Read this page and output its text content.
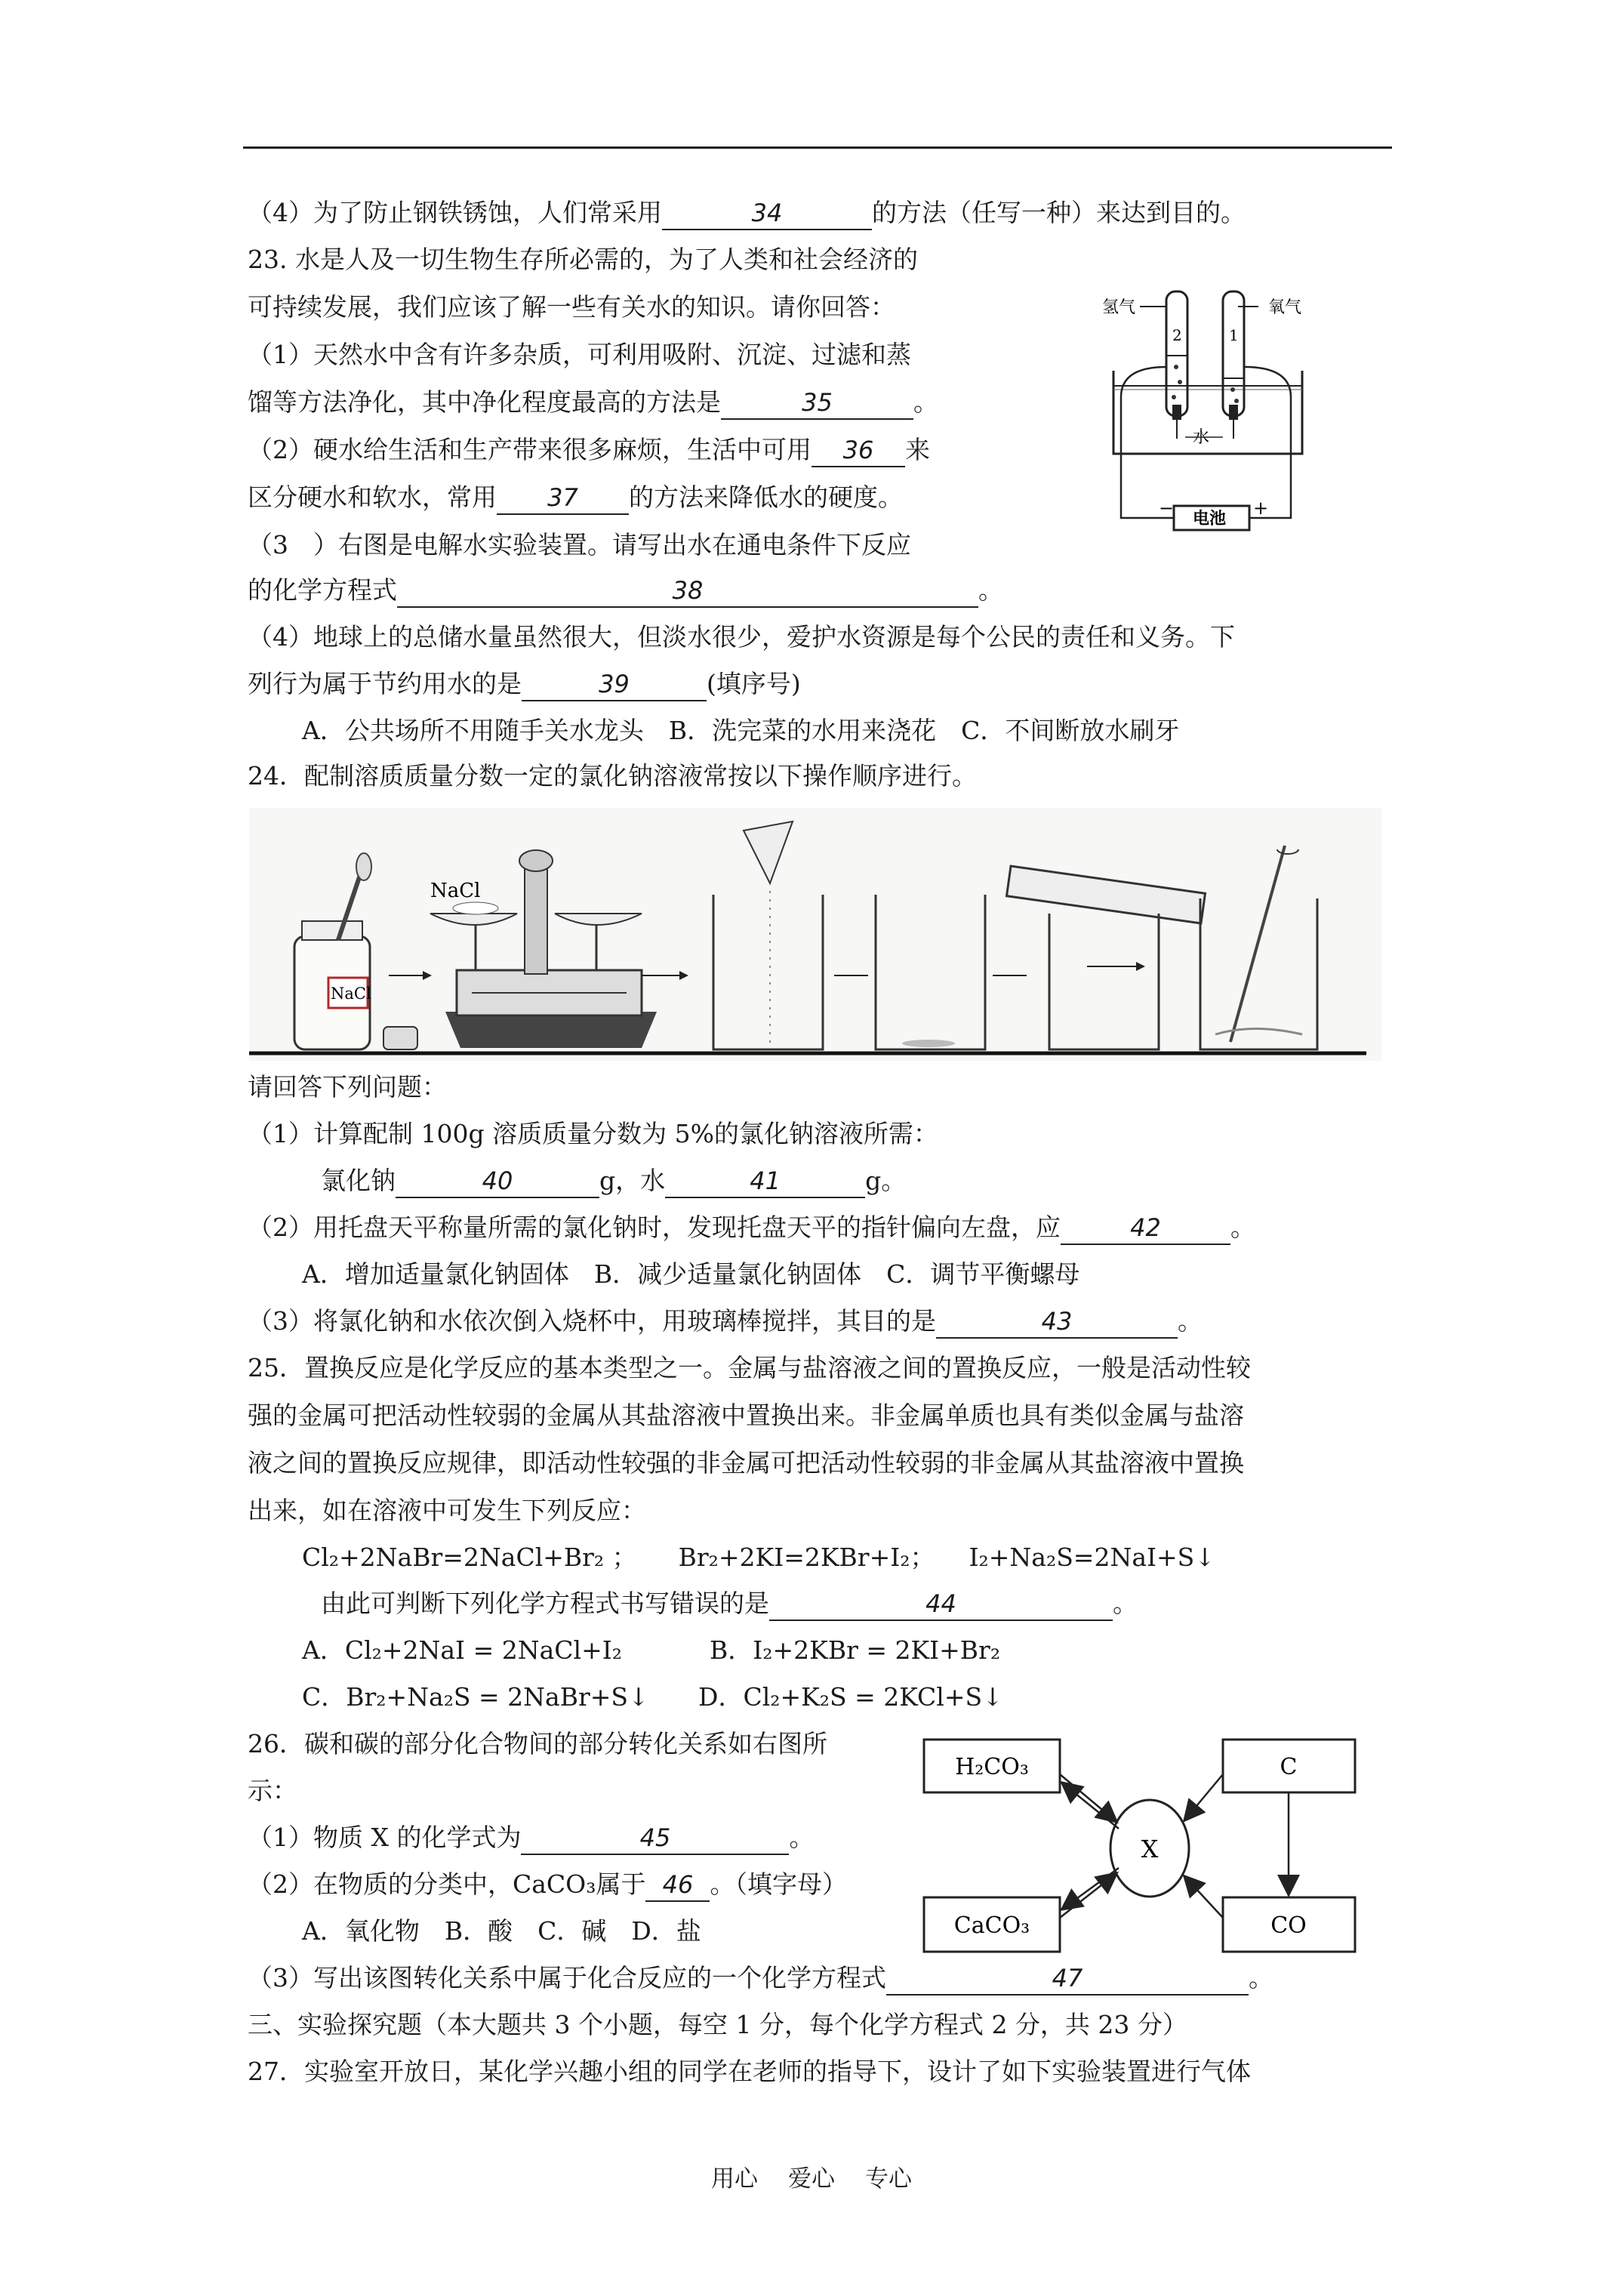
（4）为了防止钢铁锈蚀，人们常采用	34	的方法（任写一种）来达到目的。
23. 水是人及一切生物生存所必需的，为了人类和社会经济的
可持续发展，我们应该了解一些有关水的知识。请你回答：
（1）天然水中含有许多杂质，可利用吸附、沉淀、过滤和蒸
馏等方法净化，其中净化程度最高的方法是	35	。
（2）硬水给生活和生产带来很多麻烦，生活中可用 36 来
区分硬水和软水，常用 37 的方法来降低水的硬度。
（3　）右图是电解水实验装置。请写出水在通电条件下反应
的化学方程式	38	。
（4）地球上的总储水量虽然很大，但淡水很少，爱护水资源是每个公民的责任和义务。下
列行为属于节约用水的是	39	(填序号)
A．公共场所不用随手关水龙头　B．洗完菜的水用来浇花　C．不间断放水刷牙
氢气	氧气
2	1
水
电池
−	+
24．配制溶质质量分数一定的氯化钠溶液常按以下操作顺序进行。
NaCl
NaCl
请回答下列问题：
（1）计算配制 100g 溶质质量分数为 5%的氯化钠溶液所需：
氯化钠	40	g，水	41	g。
（2）用托盘天平称量所需的氯化钠时，发现托盘天平的指针偏向左盘，应	42	。
A．增加适量氯化钠固体　B．减少适量氯化钠固体　C．调节平衡螺母
（3）将氯化钠和水依次倒入烧杯中，用玻璃棒搅拌，其目的是	43	。
25．置换反应是化学反应的基本类型之一。金属与盐溶液之间的置换反应，一般是活动性较
强的金属可把活动性较弱的金属从其盐溶液中置换出来。非金属单质也具有类似金属与盐溶
液之间的置换反应规律，即活动性较强的非金属可把活动性较弱的非金属从其盐溶液中置换
出来，如在溶液中可发生下列反应：
Cl₂+2NaBr=2NaCl+Br₂ ； Br₂+2KI=2KBr+I₂； I₂+Na₂S=2NaI+S↓
由此可判断下列化学方程式书写错误的是	44	。
A．Cl₂+2NaI = 2NaCl+I₂	B．I₂+2KBr = 2KI+Br₂
C．Br₂+Na₂S = 2NaBr+S↓ D．Cl₂+K₂S = 2KCl+S↓
26．碳和碳的部分化合物间的部分转化关系如右图所
示：
（1）物质 X 的化学式为	45	。
（2）在物质的分类中，CaCO₃属于 46 。（填字母）
A．氧化物　B．酸　C．碱　D．盐
（3）写出该图转化关系中属于化合反应的一个化学方程式	47	。
H₂CO₃	C
X
CaCO₃	CO
三、实验探究题（本大题共 3 个小题，每空 1 分，每个化学方程式 2 分，共 23 分）
27．实验室开放日，某化学兴趣小组的同学在老师的指导下，设计了如下实验装置进行气体
用心 爱心 专心
